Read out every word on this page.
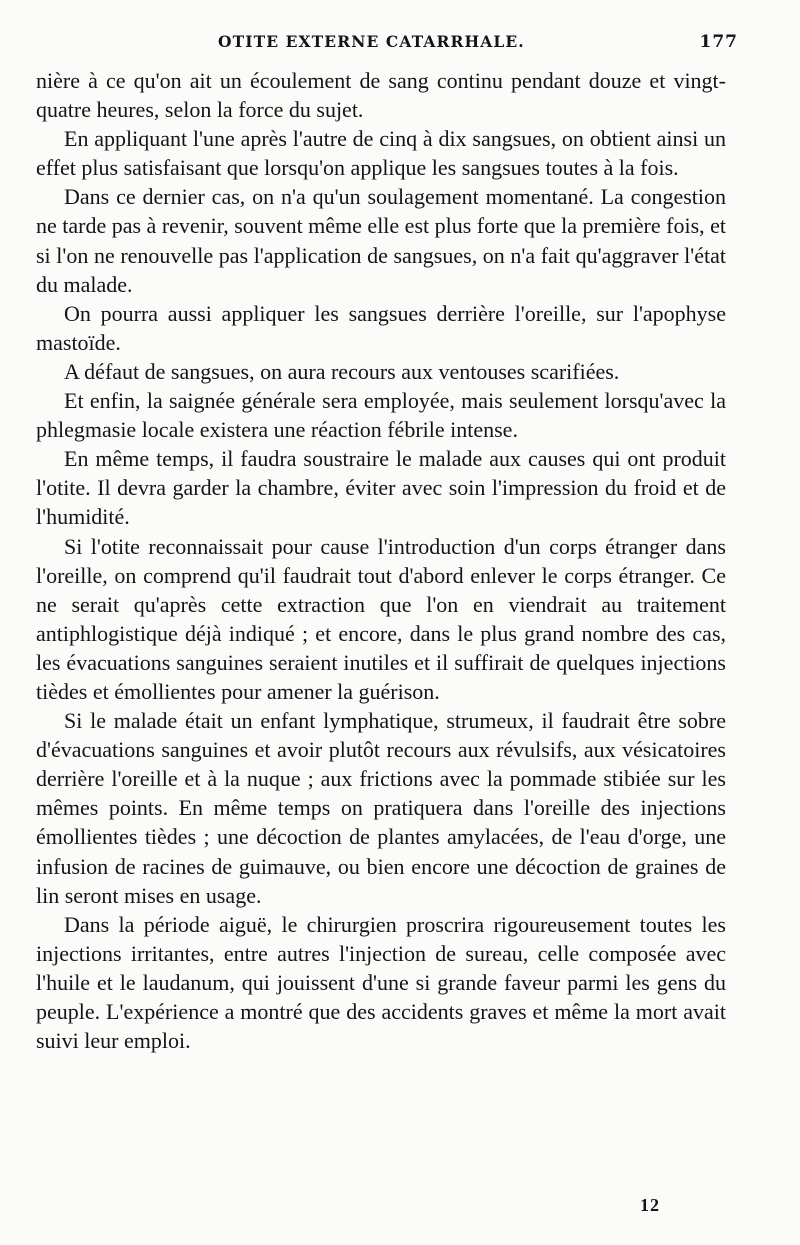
OTITE EXTERNE CATARRHALE.	177

nière à ce qu'on ait un écoulement de sang continu pendant douze et vingt-quatre heures, selon la force du sujet.

En appliquant l'une après l'autre de cinq à dix sangsues, on obtient ainsi un effet plus satisfaisant que lorsqu'on applique les sangsues toutes à la fois.

Dans ce dernier cas, on n'a qu'un soulagement momentané. La congestion ne tarde pas à revenir, souvent même elle est plus forte que la première fois, et si l'on ne renouvelle pas l'application de sangsues, on n'a fait qu'aggraver l'état du malade.

On pourra aussi appliquer les sangsues derrière l'oreille, sur l'apophyse mastoïde.

A défaut de sangsues, on aura recours aux ventouses scarifiées.

Et enfin, la saignée générale sera employée, mais seulement lorsqu'avec la phlegmasie locale existera une réaction fébrile intense.

En même temps, il faudra soustraire le malade aux causes qui ont produit l'otite. Il devra garder la chambre, éviter avec soin l'impression du froid et de l'humidité.

Si l'otite reconnaissait pour cause l'introduction d'un corps étranger dans l'oreille, on comprend qu'il faudrait tout d'abord enlever le corps étranger. Ce ne serait qu'après cette extraction que l'on en viendrait au traitement antiphlogistique déjà indiqué ; et encore, dans le plus grand nombre des cas, les évacuations sanguines seraient inutiles et il suffirait de quelques injections tièdes et émollientes pour amener la guérison.

Si le malade était un enfant lymphatique, strumeux, il faudrait être sobre d'évacuations sanguines et avoir plutôt recours aux révulsifs, aux vésicatoires derrière l'oreille et à la nuque ; aux frictions avec la pommade stibiée sur les mêmes points. En même temps on pratiquera dans l'oreille des injections émollientes tièdes ; une décoction de plantes amylacées, de l'eau d'orge, une infusion de racines de guimauve, ou bien encore une décoction de graines de lin seront mises en usage.

Dans la période aiguë, le chirurgien proscrira rigoureusement toutes les injections irritantes, entre autres l'injection de sureau, celle composée avec l'huile et le laudanum, qui jouissent d'une si grande faveur parmi les gens du peuple. L'expérience a montré que des accidents graves et même la mort avait suivi leur emploi.

12
